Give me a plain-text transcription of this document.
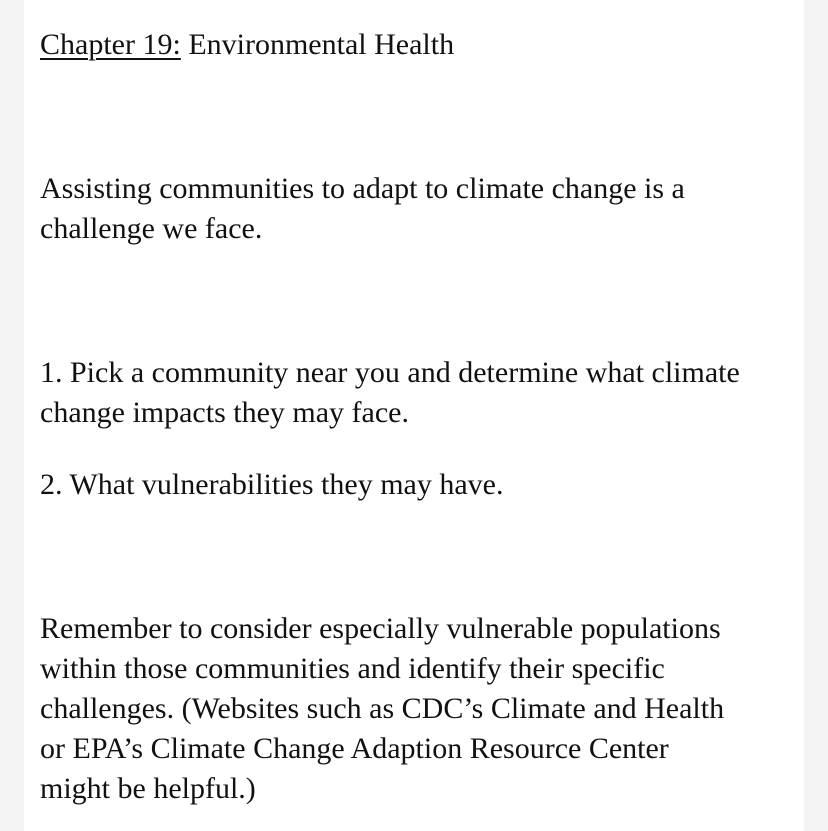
Chapter 19: Environmental Health

Assisting communities to adapt to climate change is a

challenge we face.

1. Pick a community near you and determine what climate

change impacts they may face.

2. What vulnerabilities they may have.

Remember to consider especially vulnerable populations

within those communities and identify their specific

challenges. (Websites such as CDC’s Climate and Health

or EPA’s Climate Change Adaption Resource Center

might be helpful.)
